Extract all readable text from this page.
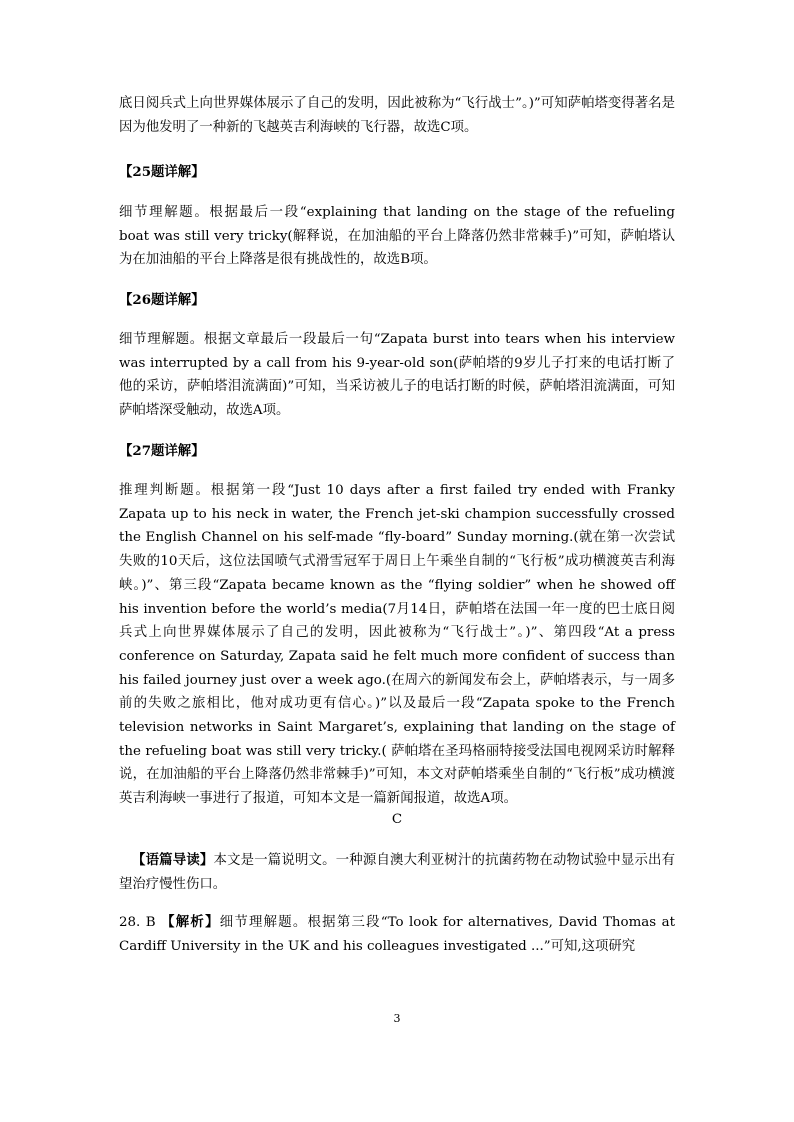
底日阅兵式上向世界媒体展示了自己的发明，因此被称为“飞行战士”。)”可知萨帕塔变得著名是因为他发明了一种新的飞越英吉利海峡的飞行器，故选C项。

【25题详解】

细节理解题。根据最后一段“explaining that landing on the stage of the refueling boat was still very tricky(解释说，在加油船的平台上降落仍然非常棘手)”可知，萨帕塔认为在加油船的平台上降落是很有挑战性的，故选B项。

【26题详解】

细节理解题。根据文章最后一段最后一句“Zapata burst into tears when his interview was interrupted by a call from his 9-year-old son(萨帕塔的9岁儿子打来的电话打断了他的采访，萨帕塔泪流满面)”可知，当采访被儿子的电话打断的时候，萨帕塔泪流满面，可知萨帕塔深受触动，故选A项。

【27题详解】

推理判断题。根据第一段“Just 10 days after a first failed try ended with Franky Zapata up to his neck in water, the French jet-ski champion successfully crossed the English Channel on his self-made “fly-board” Sunday morning.(就在第一次尝试失败的10天后，这位法国喷气式滑雪冠军于周日上午乘坐自制的“飞行板”成功横渡英吉利海峡。)”、第三段“Zapata became known as the “flying soldier” when he showed off his invention before the world’s media(7月14日，萨帕塔在法国一年一度的巴士底日阅兵式上向世界媒体展示了自己的发明，因此被称为“飞行战士”。)”、第四段“At a press conference on Saturday, Zapata said he felt much more confident of success than his failed journey just over a week ago.(在周六的新闻发布会上，萨帕塔表示，与一周多前的失败之旅相比，他对成功更有信心。)”以及最后一段“Zapata spoke to the French television networks in Saint Margaret’s, explaining that landing on the stage of the refueling boat was still very tricky.( 萨帕塔在圣玛格丽特接受法国电视网采访时解释说，在加油船的平台上降落仍然非常棘手)”可知，本文对萨帕塔乘坐自制的“飞行板”成功横渡英吉利海峡一事进行了报道，可知本文是一篇新闻报道，故选A项。

C

【语篇导读】本文是一篇说明文。一种源自澳大利亚树汁的抗菌药物在动物试验中显示出有望治疗慢性伤口。

28. B 【解析】细节理解题。根据第三段“To look for alternatives, David Thomas at Cardiff University in the UK and his colleagues investigated ...”可知,这项研究

3
